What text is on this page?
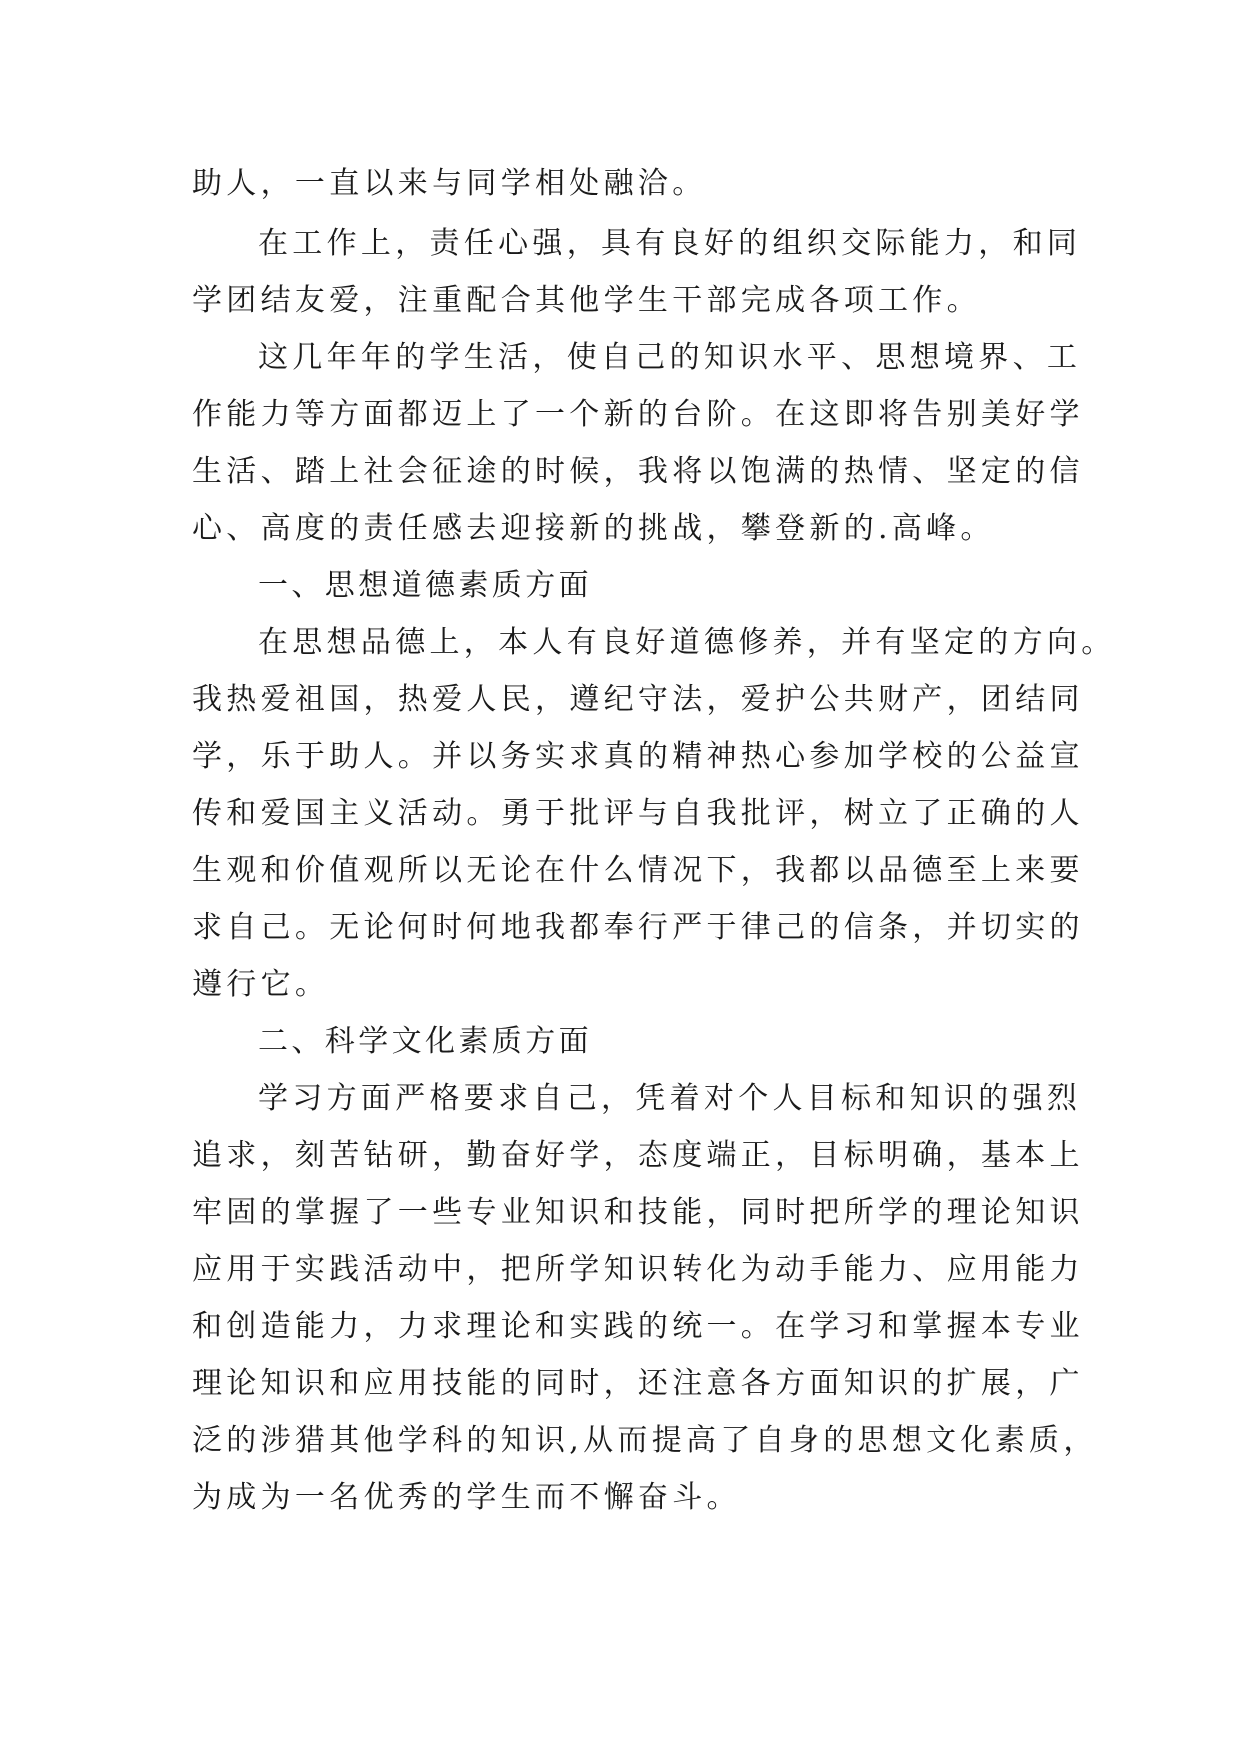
助人，一直以来与同学相处融洽。
在工作上，责任心强，具有良好的组织交际能力，和同
学团结友爱，注重配合其他学生干部完成各项工作。
这几年年的学生活，使自己的知识水平、思想境界、工
作能力等方面都迈上了一个新的台阶。在这即将告别美好学
生活、踏上社会征途的时候，我将以饱满的热情、坚定的信
心、高度的责任感去迎接新的挑战，攀登新的.高峰。
一、思想道德素质方面
在思想品德上，本人有良好道德修养，并有坚定的方向。
我热爱祖国，热爱人民，遵纪守法，爱护公共财产，团结同
学，乐于助人。并以务实求真的精神热心参加学校的公益宣
传和爱国主义活动。勇于批评与自我批评，树立了正确的人
生观和价值观所以无论在什么情况下，我都以品德至上来要
求自己。无论何时何地我都奉行严于律己的信条，并切实的
遵行它。
二、科学文化素质方面
学习方面严格要求自己，凭着对个人目标和知识的强烈
追求，刻苦钻研，勤奋好学，态度端正，目标明确，基本上
牢固的掌握了一些专业知识和技能，同时把所学的理论知识
应用于实践活动中，把所学知识转化为动手能力、应用能力
和创造能力，力求理论和实践的统一。在学习和掌握本专业
理论知识和应用技能的同时，还注意各方面知识的扩展，广
泛的涉猎其他学科的知识,从而提高了自身的思想文化素质，
为成为一名优秀的学生而不懈奋斗。
